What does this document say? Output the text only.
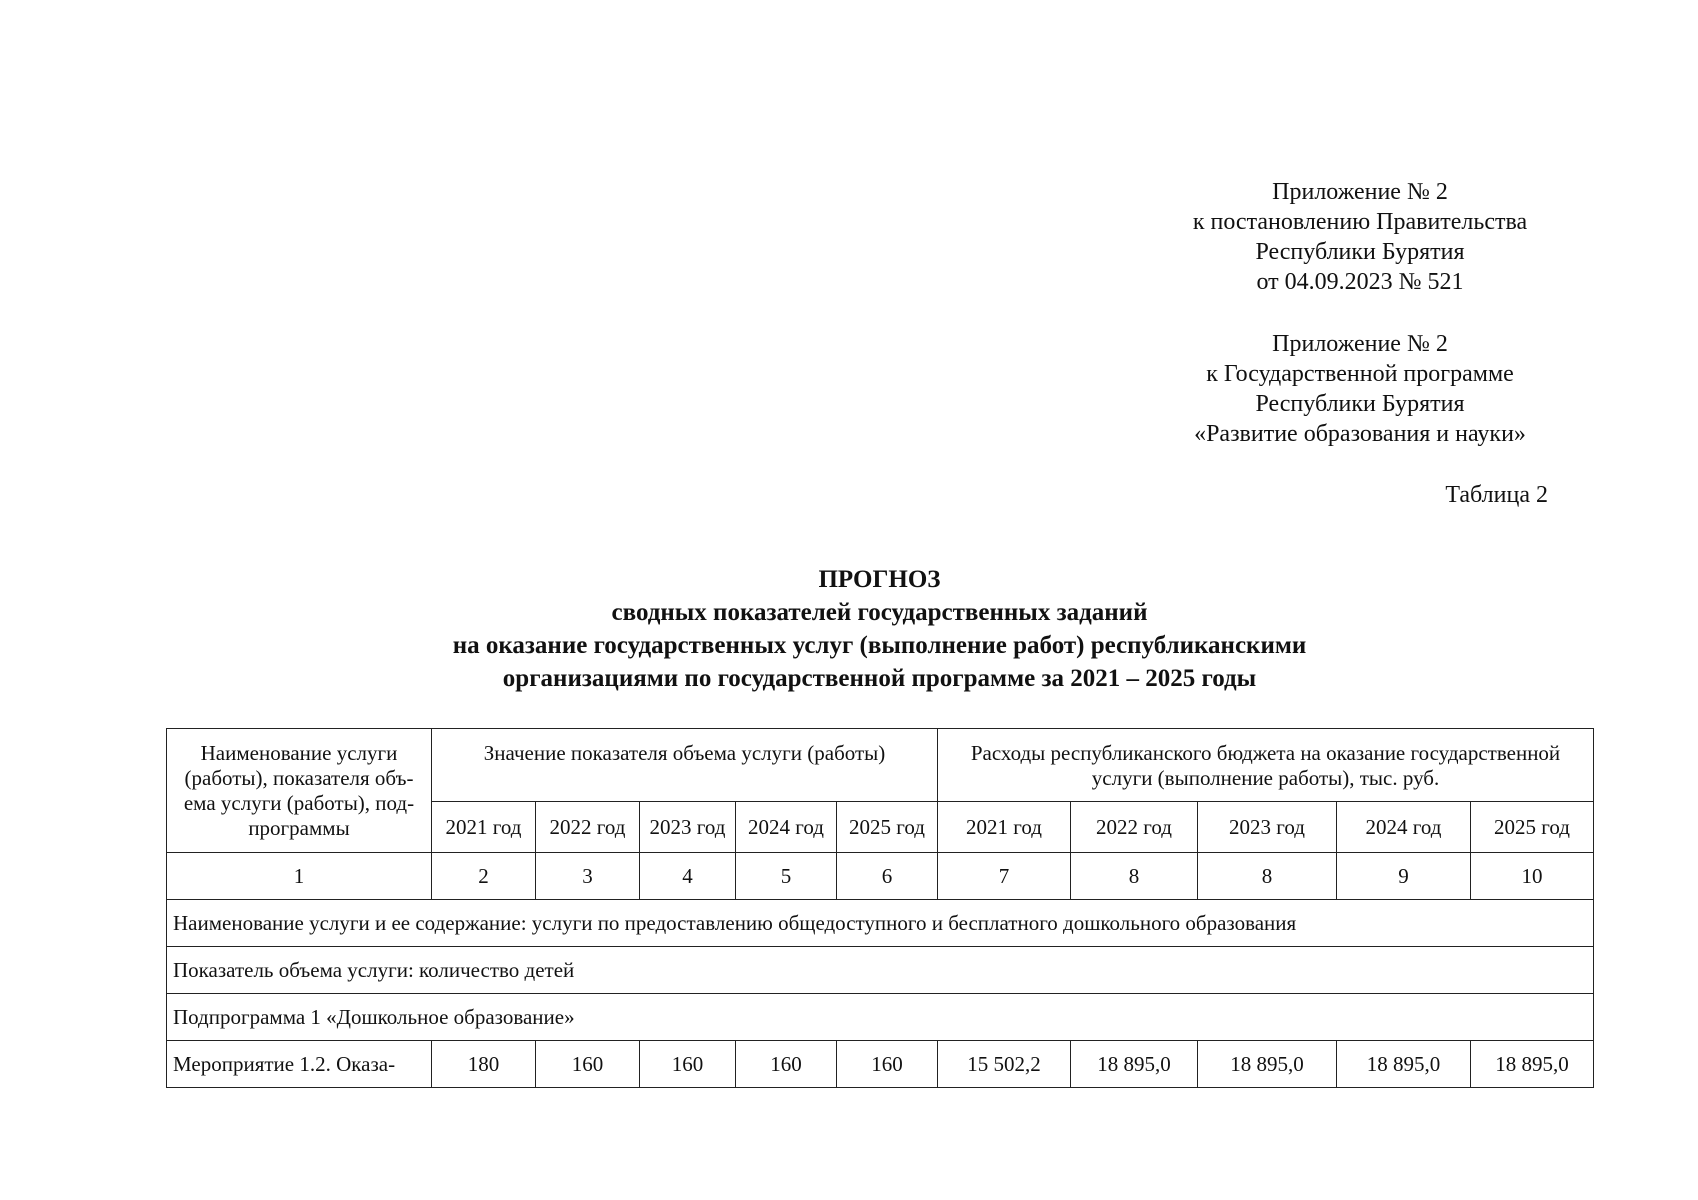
Приложение № 2
к постановлению Правительства
Республики Бурятия
от 04.09.2023 № 521
Приложение № 2
к Государственной программе
Республики Бурятия
«Развитие образования и науки»
Таблица 2
ПРОГНОЗ
сводных показателей государственных заданий
на оказание государственных услуг (выполнение работ) республиканскими
организациями по государственной программе за 2021 – 2025 годы
Наименование услуги (работы), показателя объ-ема услуги (работы), под-программы	Значение показателя объема услуги (работы)					Расходы республиканского бюджета на оказание государственной услуги (выполнение работы), тыс. руб.				
	2021 год	2022 год	2023 год	2024 год	2025 год	2021 год	2022 год	2023 год	2024 год	2025 год
1	2	3	4	5	6	7	8	8	9	10
Наименование услуги и ее содержание: услуги по предоставлению общедоступного и бесплатного дошкольного образования										
Показатель объема услуги: количество детей										
Подпрограмма 1 «Дошкольное образование»										
Мероприятие 1.2. Оказа-	180	160	160	160	160	15 502,2	18 895,0	18 895,0	18 895,0	18 895,0
